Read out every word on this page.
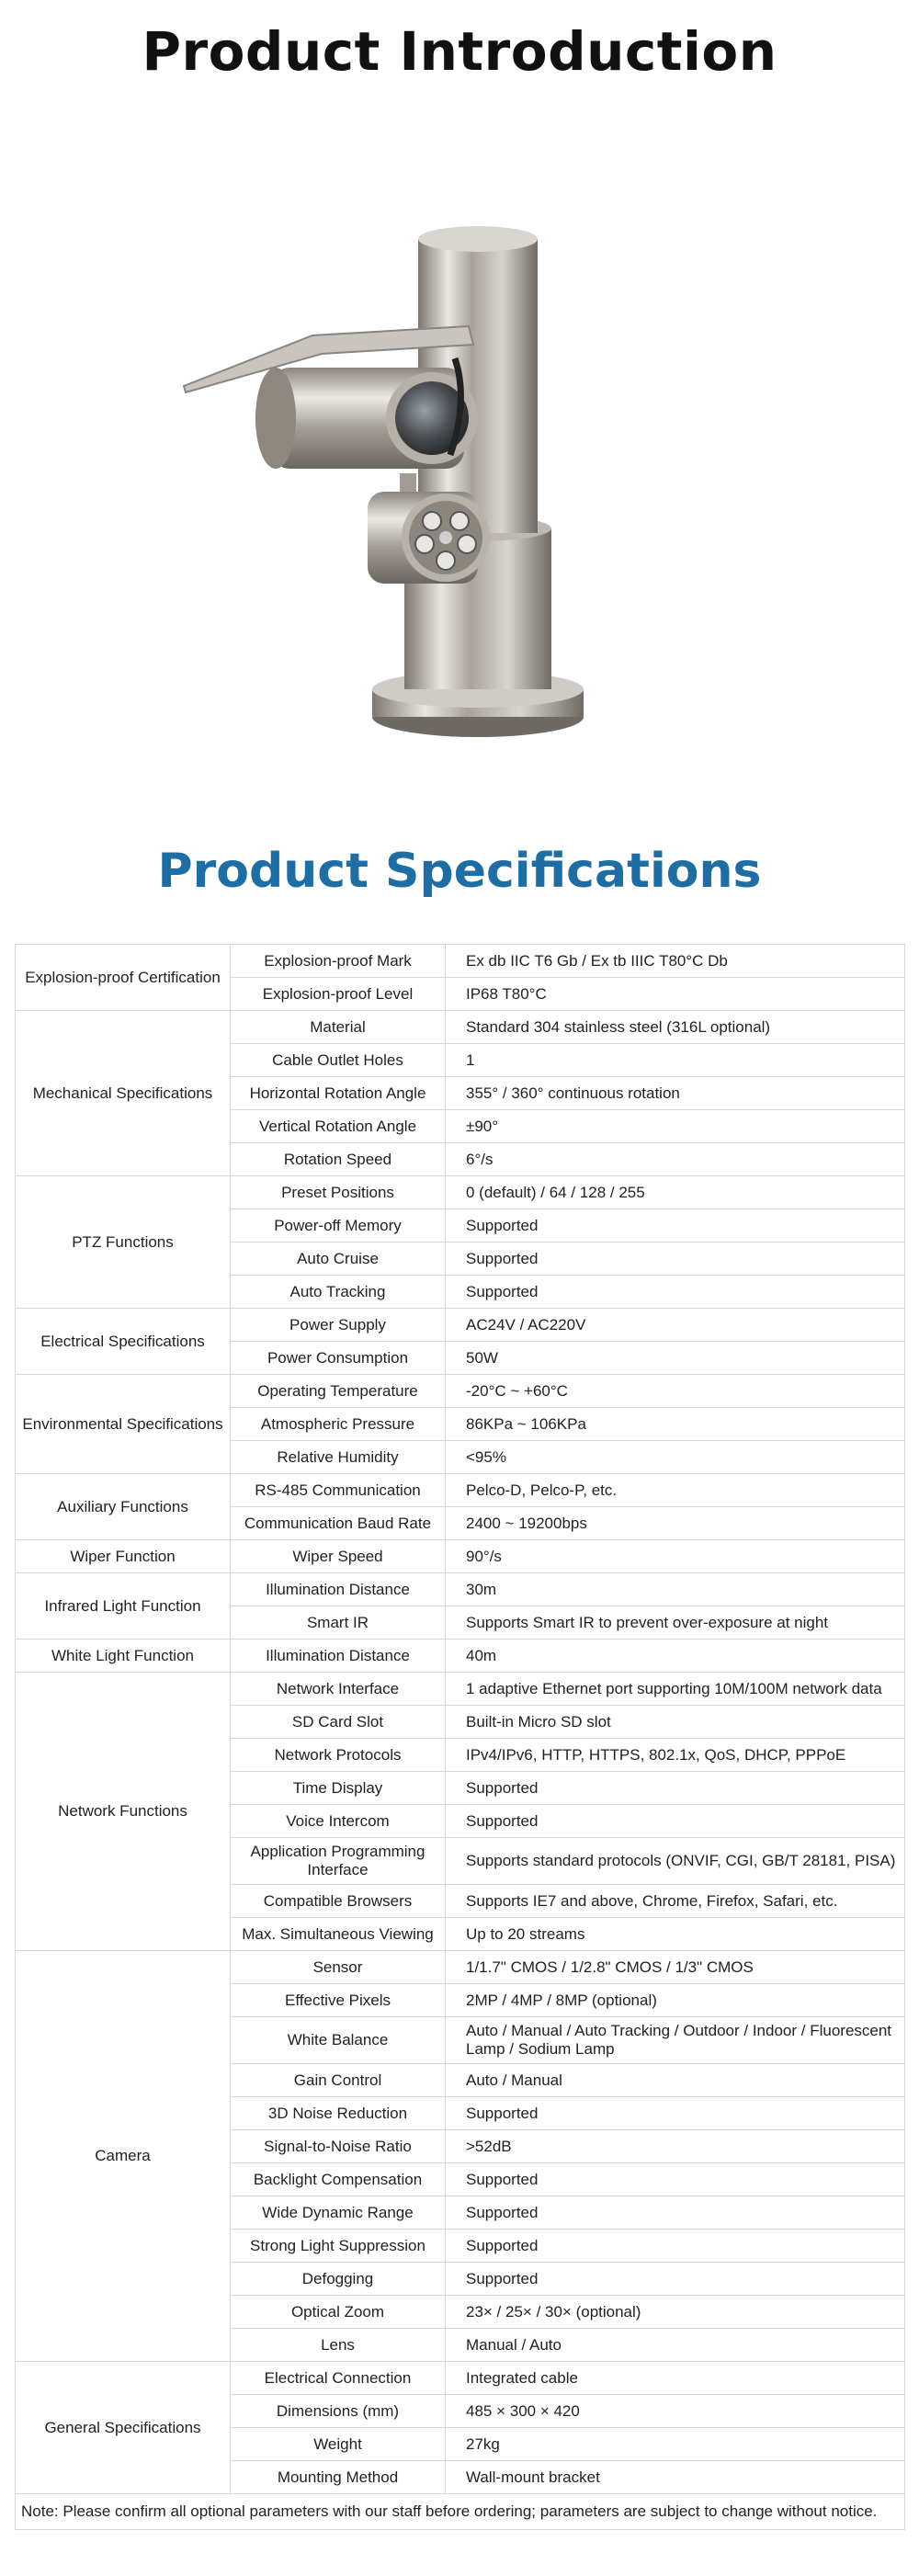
Product Introduction
Product Specifications
Explosion-proof Certification	Explosion-proof Mark	Ex db IIC T6 Gb / Ex tb IIIC T80°C Db
	Explosion-proof Level	IP68 T80°C
Mechanical Specifications	Material	Standard 304 stainless steel (316L optional)
	Cable Outlet Holes	1
	Horizontal Rotation Angle	355° / 360° continuous rotation
	Vertical Rotation Angle	±90°
	Rotation Speed	6°/s
PTZ Functions	Preset Positions	0 (default) / 64 / 128 / 255
	Power-off Memory	Supported
	Auto Cruise	Supported
	Auto Tracking	Supported
Electrical Specifications	Power Supply	AC24V / AC220V
	Power Consumption	50W
Environmental Specifications	Operating Temperature	-20°C ~ +60°C
	Atmospheric Pressure	86KPa ~ 106KPa
	Relative Humidity	<95%
Auxiliary Functions	RS-485 Communication	Pelco-D, Pelco-P, etc.
	Communication Baud Rate	2400 ~ 19200bps
Wiper Function	Wiper Speed	90°/s
Infrared Light Function	Illumination Distance	30m
	Smart IR	Supports Smart IR to prevent over-exposure at night
White Light Function	Illumination Distance	40m
Network Functions	Network Interface	1 adaptive Ethernet port supporting 10M/100M network data
	SD Card Slot	Built-in Micro SD slot
	Network Protocols	IPv4/IPv6, HTTP, HTTPS, 802.1x, QoS, DHCP, PPPoE
	Time Display	Supported
	Voice Intercom	Supported
	Application Programming Interface	Supports standard protocols (ONVIF, CGI, GB/T 28181, PISA)
	Compatible Browsers	Supports IE7 and above, Chrome, Firefox, Safari, etc.
	Max. Simultaneous Viewing	Up to 20 streams
Camera	Sensor	1/1.7" CMOS / 1/2.8" CMOS / 1/3" CMOS
	Effective Pixels	2MP / 4MP / 8MP (optional)
	White Balance	Auto / Manual / Auto Tracking / Outdoor / Indoor / Fluorescent Lamp / Sodium Lamp
	Gain Control	Auto / Manual
	3D Noise Reduction	Supported
	Signal-to-Noise Ratio	>52dB
	Backlight Compensation	Supported
	Wide Dynamic Range	Supported
	Strong Light Suppression	Supported
	Defogging	Supported
	Optical Zoom	23× / 25× / 30× (optional)
	Lens	Manual / Auto
General Specifications	Electrical Connection	Integrated cable
	Dimensions (mm)	485 × 300 × 420
	Weight	27kg
	Mounting Method	Wall-mount bracket
Note: Please confirm all optional parameters with our staff before ordering; parameters are subject to change without notice.		
